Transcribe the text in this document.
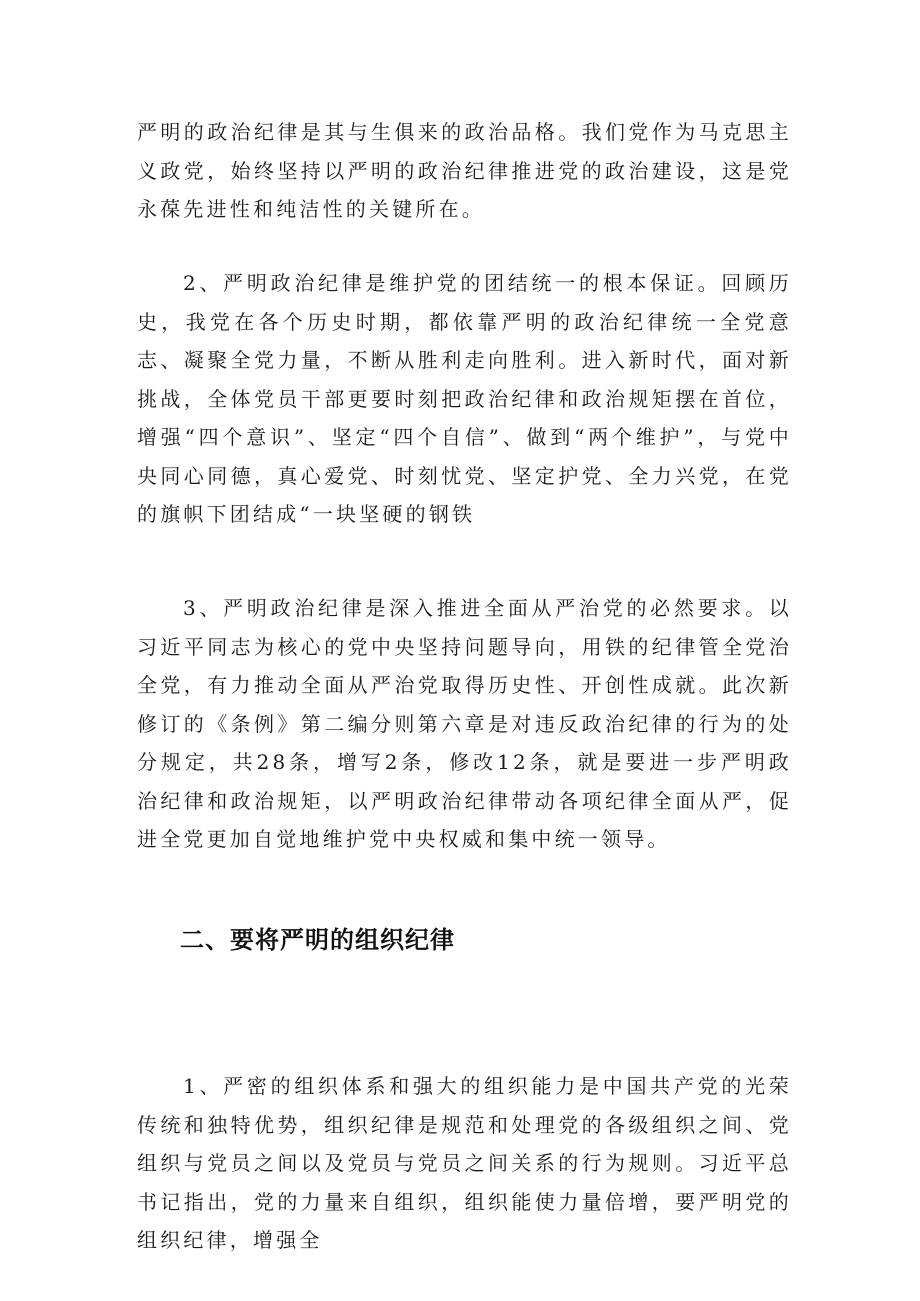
严明的政治纪律是其与生俱来的政治品格。我们党作为马克思主义政党，始终坚持以严明的政治纪律推进党的政治建设，这是党永葆先进性和纯洁性的关键所在。

2、严明政治纪律是维护党的团结统一的根本保证。回顾历史，我党在各个历史时期，都依靠严明的政治纪律统一全党意志、凝聚全党力量，不断从胜利走向胜利。进入新时代，面对新挑战，全体党员干部更要时刻把政治纪律和政治规矩摆在首位，增强“四个意识”、坚定“四个自信”、做到“两个维护”，与党中央同心同德，真心爱党、时刻忧党、坚定护党、全力兴党，在党的旗帜下团结成“一块坚硬的钢铁

3、严明政治纪律是深入推进全面从严治党的必然要求。以习近平同志为核心的党中央坚持问题导向，用铁的纪律管全党治全党，有力推动全面从严治党取得历史性、开创性成就。此次新修订的《条例》第二编分则第六章是对违反政治纪律的行为的处分规定，共28条，增写2条，修改12条，就是要进一步严明政治纪律和政治规矩，以严明政治纪律带动各项纪律全面从严，促进全党更加自觉地维护党中央权威和集中统一领导。

二、要将严明的组织纪律

1、严密的组织体系和强大的组织能力是中国共产党的光荣传统和独特优势，组织纪律是规范和处理党的各级组织之间、党组织与党员之间以及党员与党员之间关系的行为规则。习近平总书记指出，党的力量来自组织，组织能使力量倍增，要严明党的组织纪律，增强全
